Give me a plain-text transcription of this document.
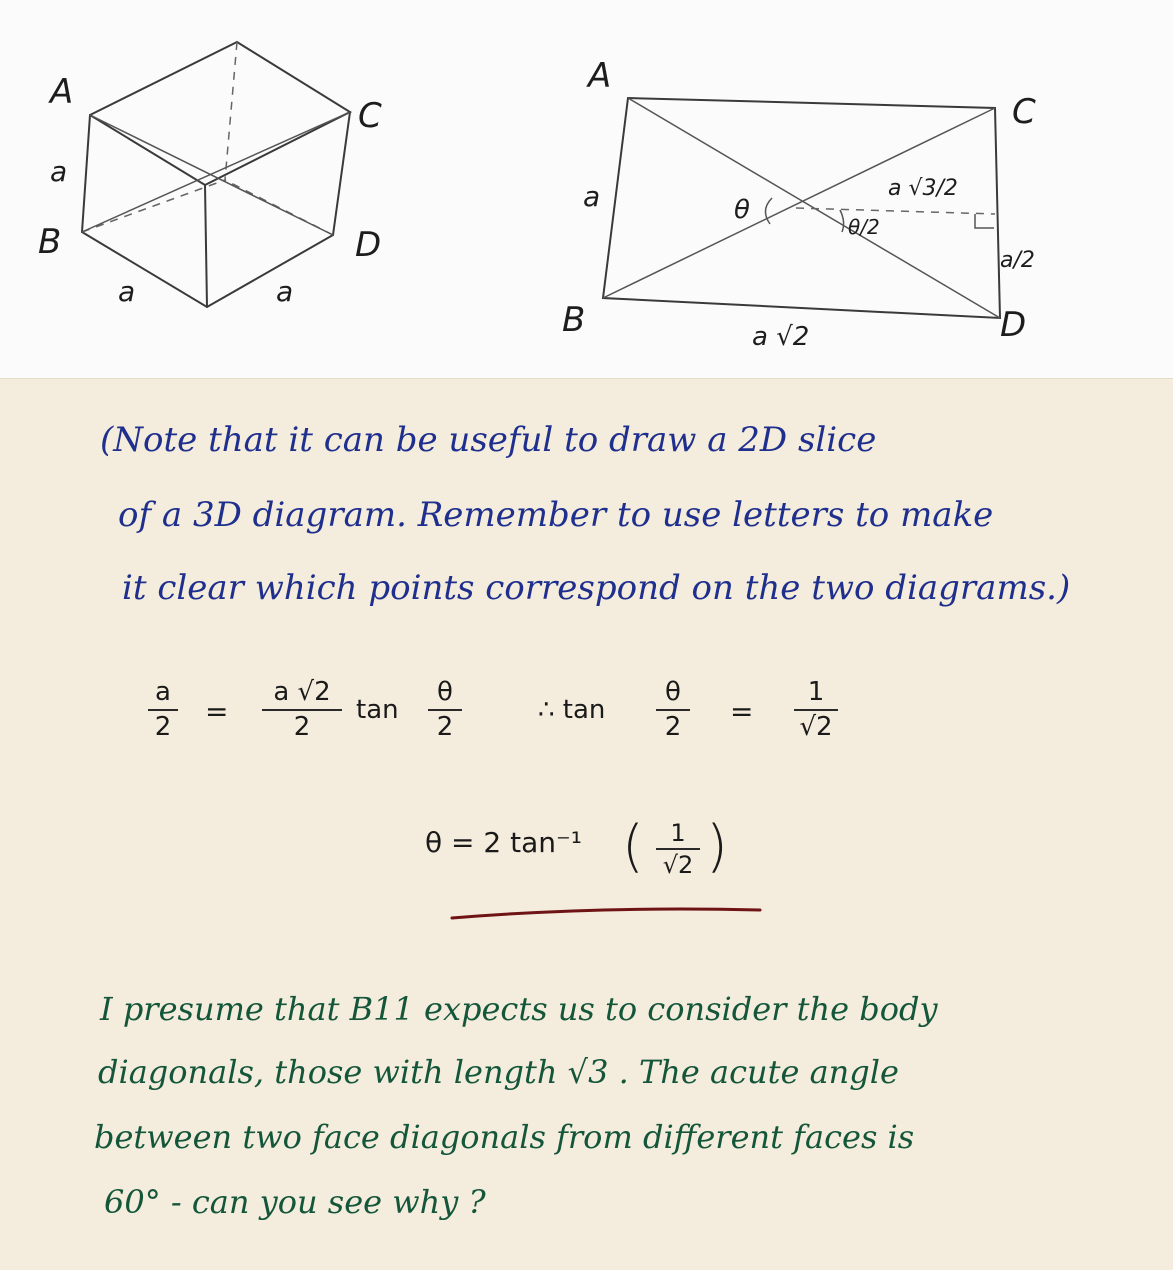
A
C
B	D
a
a	a
A
C
B	D
a
a √2
θ
θ/2
a √3/2
a/2
(Note that it can be useful to draw a 2D slice
of a 3D diagram. Remember to use letters to make
it clear which points correspond on the two diagrams.)
a
2 =
a √2
2
tan
θ
2
∴ tan
θ
2	=
1
√2
θ = 2 tan⁻¹ (	1
√2 )
I presume that B11 expects us to consider the body
diagonals, those with length √3 . The acute angle
between two face diagonals from different faces is
60° - can you see why ?
